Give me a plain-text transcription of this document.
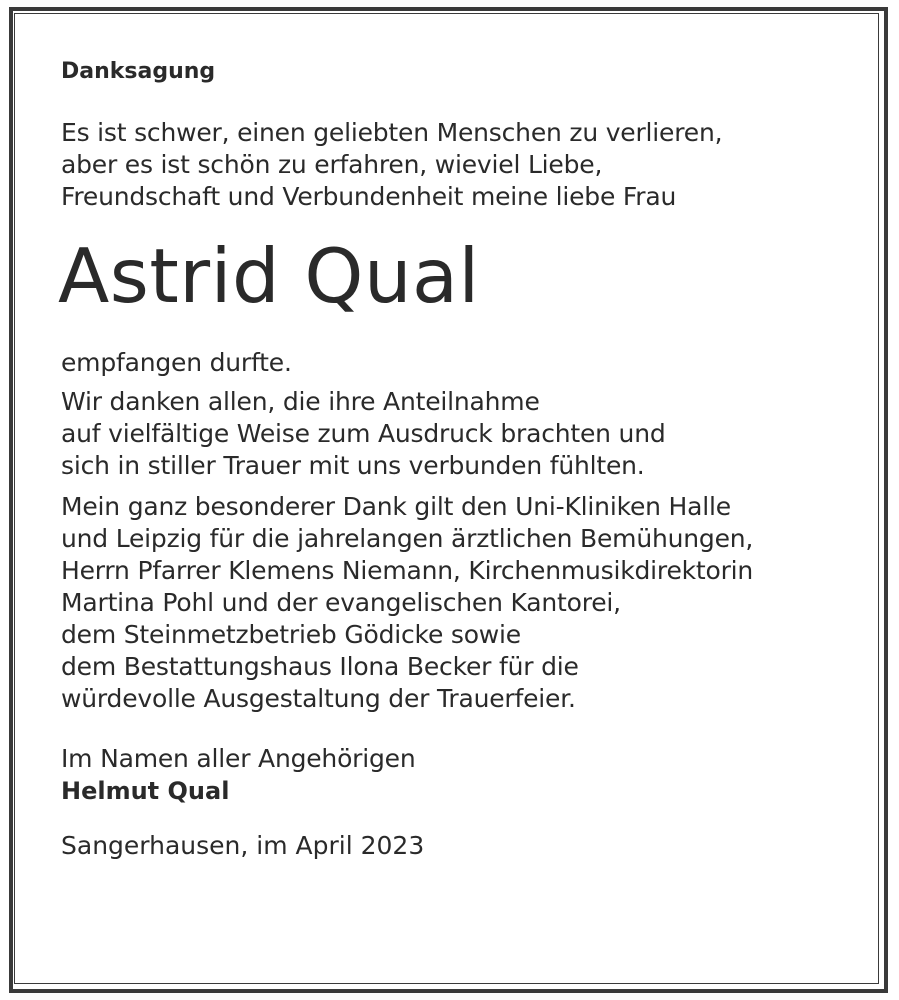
Danksagung
Es ist schwer, einen geliebten Menschen zu verlieren,
aber es ist schön zu erfahren, wieviel Liebe,
Freundschaft und Verbundenheit meine liebe Frau
Astrid Qual
empfangen durfte.
Wir danken allen, die ihre Anteilnahme
auf vielfältige Weise zum Ausdruck brachten und
sich in stiller Trauer mit uns verbunden fühlten.
Mein ganz besonderer Dank gilt den Uni-Kliniken Halle
und Leipzig für die jahrelangen ärztlichen Bemühungen,
Herrn Pfarrer Klemens Niemann, Kirchenmusikdirektorin
Martina Pohl und der evangelischen Kantorei,
dem Steinmetzbetrieb Gödicke sowie
dem Bestattungshaus Ilona Becker für die
würdevolle Ausgestaltung der Trauerfeier.
Im Namen aller Angehörigen
Helmut Qual
Sangerhausen, im April 2023
